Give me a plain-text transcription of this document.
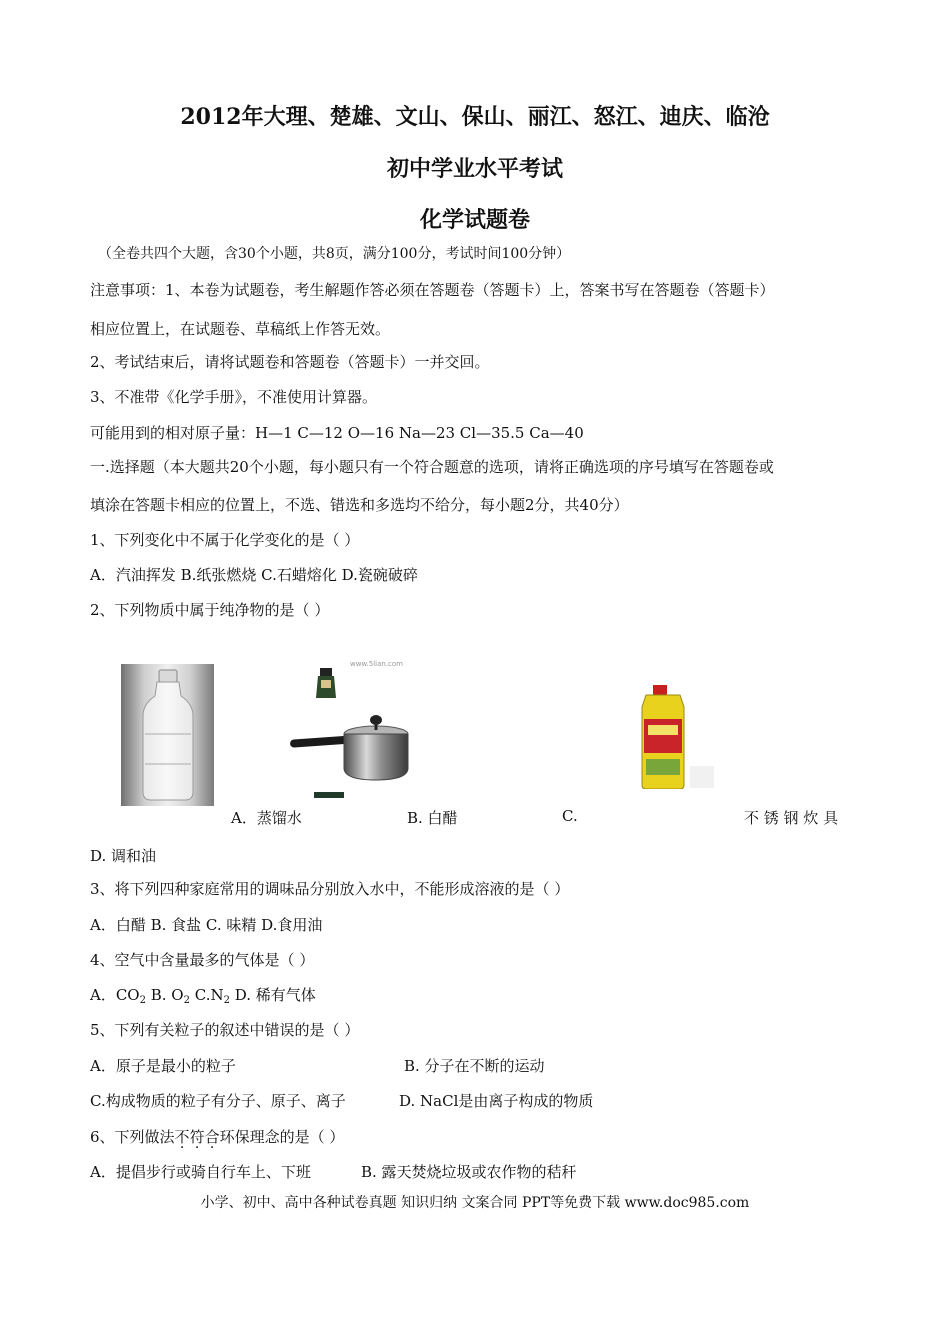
2012年大理、楚雄、文山、保山、丽江、怒江、迪庆、临沧
初中学业水平考试
化学试题卷
（全卷共四个大题，含30个小题，共8页，满分100分，考试时间100分钟）
注意事项：1、本卷为试题卷，考生解题作答必须在答题卷（答题卡）上，答案书写在答题卷（答题卡）
相应位置上，在试题卷、草稿纸上作答无效。
2、考试结束后，请将试题卷和答题卷（答题卡）一并交回。
3、不准带《化学手册》，不准使用计算器。
可能用到的相对原子量：H—1 C—12 O—16 Na—23 Cl—35.5 Ca—40
一.选择题（本大题共20个小题，每小题只有一个符合题意的选项，请将正确选项的序号填写在答题卷或
填涂在答题卡相应的位置上，不选、错选和多选均不给分，每小题2分，共40分）
1、下列变化中不属于化学变化的是（ ）
A．汽油挥发 B.纸张燃烧 C.石蜡熔化 D.瓷碗破碎
2、下列物质中属于纯净物的是（ ）
www.5lian.com
A．蒸馏水	B. 白醋	C.	不 锈 钢 炊 具
D. 调和油
3、将下列四种家庭常用的调味品分别放入水中，不能形成溶液的是（ ）
A．白醋 B. 食盐 C. 味精 D.食用油
4、空气中含量最多的气体是（ ）
A．$CO_2$ B. $O_2$ $C.N_2$ D. 稀有气体
5、下列有关粒子的叙述中错误的是（ ）
A．原子是最小的粒子	B. 分子在不断的运动
C.构成物质的粒子有分子、原子、离子	D. NaCl是由离子构成的物质
6、下列做法不符合环保理念的是（ ）
A．提倡步行或骑自行车上、下班	B. 露天焚烧垃圾或农作物的秸秆
小学、初中、高中各种试卷真题 知识归纳 文案合同 PPT等免费下载 www.doc985.com
